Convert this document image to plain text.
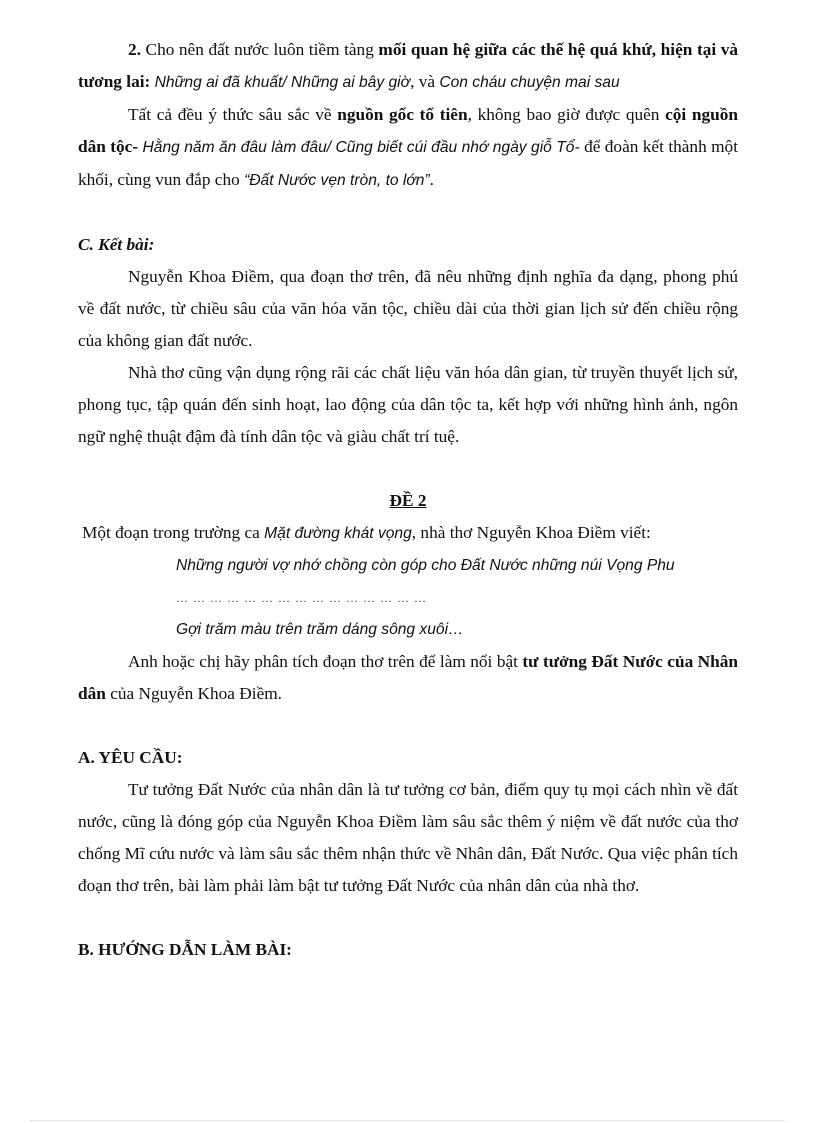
2. Cho nên đất nước luôn tiềm tàng mối quan hệ giữa các thế hệ quá khứ, hiện tại và tương lai: Những ai đã khuất/ Những ai bây giờ, và Con cháu chuyện mai sau

Tất cả đều ý thức sâu sắc về nguồn gốc tổ tiên, không bao giờ được quên cội nguồn dân tộc- Hằng năm ăn đâu làm đâu/ Cũng biết cúi đầu nhớ ngày giỗ Tổ- để đoàn kết thành một khối, cùng vun đắp cho “Đất Nước vẹn tròn, to lớn”.

C. Kết bài:

Nguyễn Khoa Điềm, qua đoạn thơ trên, đã nêu những định nghĩa đa dạng, phong phú về đất nước, từ chiều sâu của văn hóa văn tộc, chiều dài của thời gian lịch sử đến chiều rộng của không gian đất nước.

Nhà thơ cũng vận dụng rộng rãi các chất liệu văn hóa dân gian, từ truyền thuyết lịch sử, phong tục, tập quán đến sinh hoạt, lao động của dân tộc ta, kết hợp với những hình ảnh, ngôn ngữ nghệ thuật đậm đà tính dân tộc và giàu chất trí tuệ.

ĐỀ 2

Một đoạn trong trường ca Mặt đường khát vọng, nhà thơ Nguyễn Khoa Điềm viết:

Những người vợ nhớ chồng còn góp cho Đất Nước những núi Vọng Phu

… … … … … … … … … … … … … … …

Gợi trăm màu trên trăm dáng sông xuôi…

Anh hoặc chị hãy phân tích đoạn thơ trên để làm nổi bật tư tưởng Đất Nước của Nhân dân của Nguyễn Khoa Điềm.

A. YÊU CẦU:

Tư tưởng Đất Nước của nhân dân là tư tưởng cơ bản, điểm quy tụ mọi cách nhìn về đất nước, cũng là đóng góp của Nguyễn Khoa Điềm làm sâu sắc thêm ý niệm về đất nước của thơ chống Mĩ cứu nước và làm sâu sắc thêm nhận thức về Nhân dân, Đất Nước. Qua việc phân tích đoạn thơ trên, bài làm phải làm bật tư tưởng Đất Nước của nhân dân của nhà thơ.

B. HƯỚNG DẪN LÀM BÀI:
